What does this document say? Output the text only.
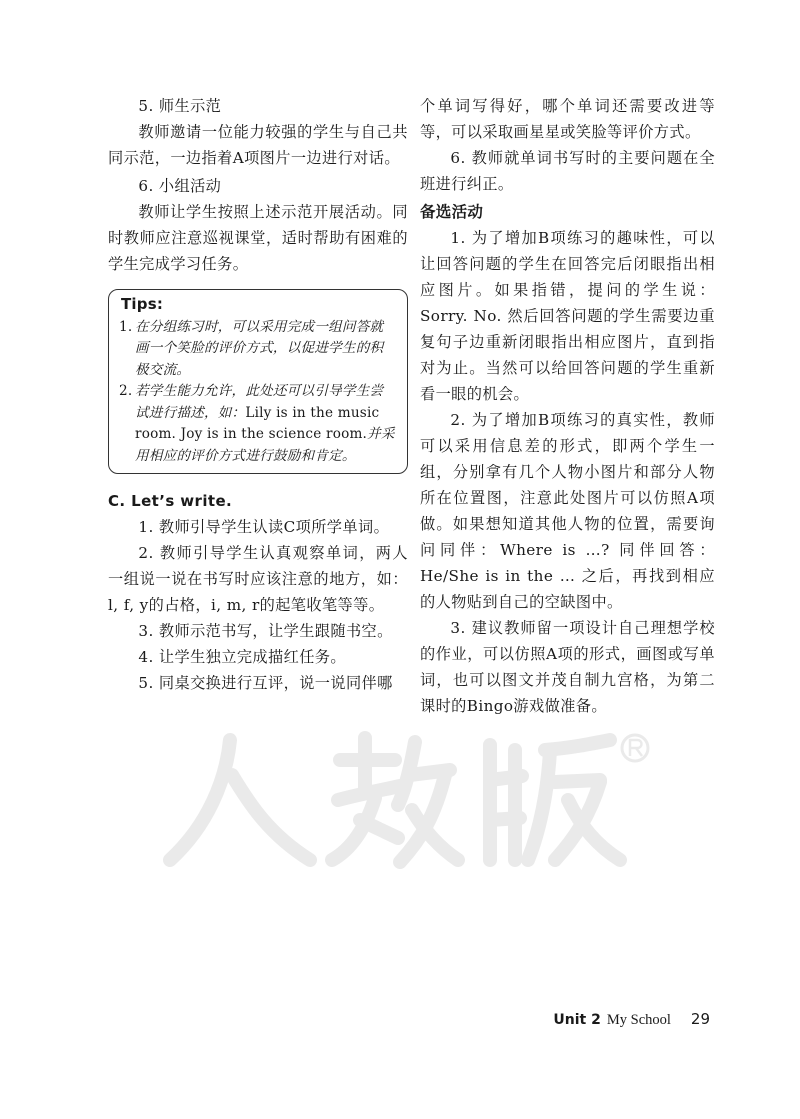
5. 师生示范

教师邀请一位能力较强的学生与自己共同示范，一边指着A项图片一边进行对话。

6. 小组活动

教师让学生按照上述示范开展活动。同时教师应注意巡视课堂，适时帮助有困难的学生完成学习任务。

Tips:
1. 在分组练习时，可以采用完成一组问答就画一个笑脸的评价方式，以促进学生的积极交流。
2. 若学生能力允许，此处还可以引导学生尝试进行描述，如：Lily is in the music room. Joy is in the science room.并采用相应的评价方式进行鼓励和肯定。

C. Let’s write.

1. 教师引导学生认读C项所学单词。

2. 教师引导学生认真观察单词，两人一组说一说在书写时应该注意的地方，如：l, f, y的占格，i, m, r的起笔收笔等等。

3. 教师示范书写，让学生跟随书空。

4. 让学生独立完成描红任务。

5. 同桌交换进行互评，说一说同伴哪

个单词写得好，哪个单词还需要改进等等，可以采取画星星或笑脸等评价方式。

6. 教师就单词书写时的主要问题在全班进行纠正。

备选活动

1. 为了增加B项练习的趣味性，可以让回答问题的学生在回答完后闭眼指出相应图片。如果指错，提问的学生说：Sorry. No. 然后回答问题的学生需要边重复句子边重新闭眼指出相应图片，直到指对为止。当然可以给回答问题的学生重新看一眼的机会。

2. 为了增加B项练习的真实性，教师可以采用信息差的形式，即两个学生一组，分别拿有几个人物小图片和部分人物所在位置图，注意此处图片可以仿照A项做。如果想知道其他人物的位置，需要询问同伴：Where is …? 同伴回答：He/She is in the … 之后，再找到相应的人物贴到自己的空缺图中。

3. 建议教师留一项设计自己理想学校的作业，可以仿照A项的形式，画图或写单词，也可以图文并茂自制九宫格，为第二课时的Bingo游戏做准备。

Unit 2 My School 29
